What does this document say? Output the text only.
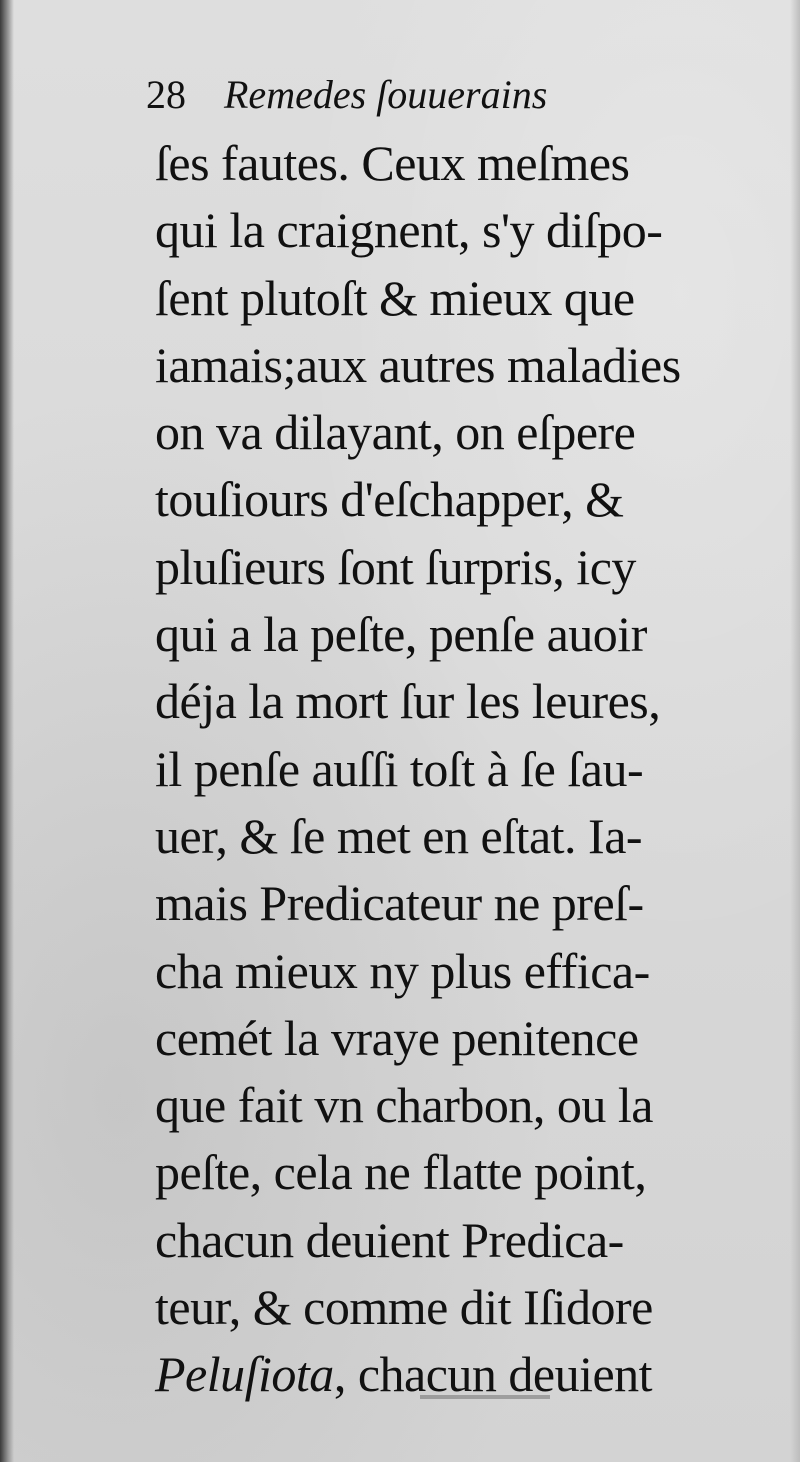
28 Remedes ſouuerains
ſes fautes. Ceux meſmes
qui la craignent, s'y diſpo-
ſent plutoſt & mieux que
iamais;aux autres maladies
on va dilayant, on eſpere
touſiours d'eſchapper, &
pluſieurs ſont ſurpris, icy
qui a la peſte, penſe auoir
déja la mort ſur les leures,
il penſe auſſi toſt à ſe ſau-
uer, & ſe met en eſtat. Ia-
mais Predicateur ne preſ-
cha mieux ny plus effica-
cemét la vraye penitence
que fait vn charbon, ou la
peſte, cela ne flatte point,
chacun deuient Predica-
teur, & comme dit Iſidore
Peluſiota, chacun deuient
